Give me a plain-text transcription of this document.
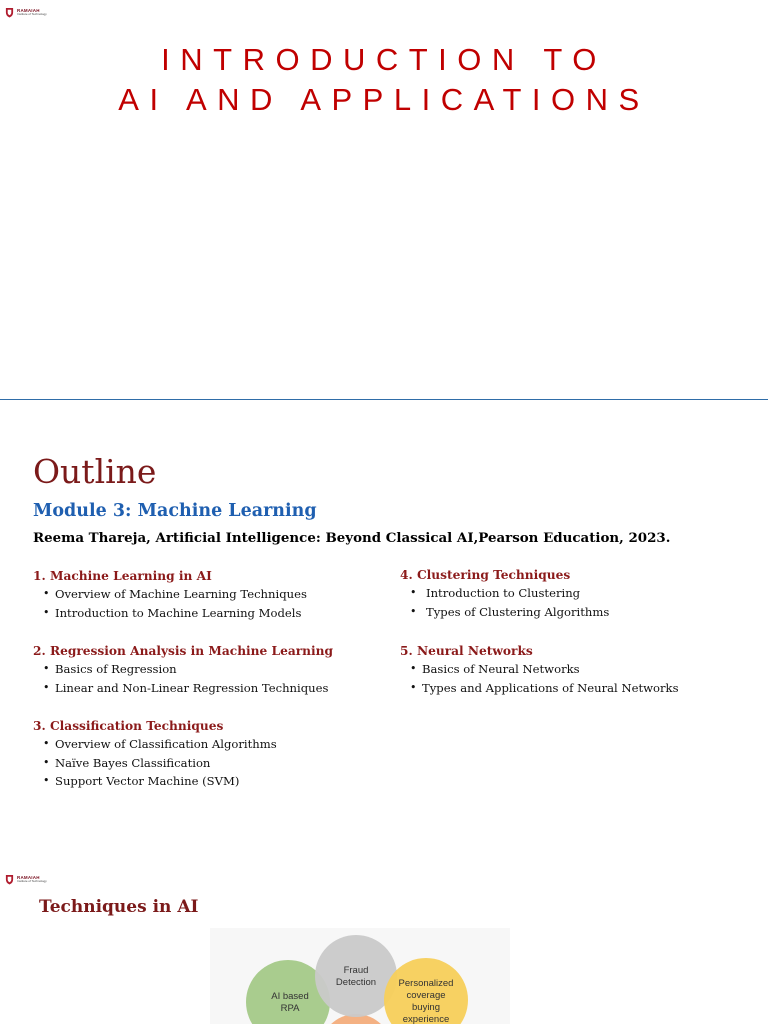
RAMAIAH
Institute of Technology
INTRODUCTION TO
AI AND APPLICATIONS
Outline
Module 3: Machine Learning
Reema Thareja, Artificial Intelligence: Beyond Classical AI,Pearson Education, 2023.
1. Machine Learning in AI
• Overview of Machine Learning Techniques
• Introduction to Machine Learning Models
2. Regression Analysis in Machine Learning
• Basics of Regression
• Linear and Non-Linear Regression Techniques
3. Classification Techniques
• Overview of Classification Algorithms
• Naïve Bayes Classification
• Support Vector Machine (SVM)
4. Clustering Techniques
• Introduction to Clustering
• Types of Clustering Algorithms
5. Neural Networks
• Basics of Neural Networks
• Types and Applications of Neural Networks
RAMAIAH
Institute of Technology
Techniques in AI
AI based
RPA
Fraud
Detection Personalized
coverage
buying
experience
